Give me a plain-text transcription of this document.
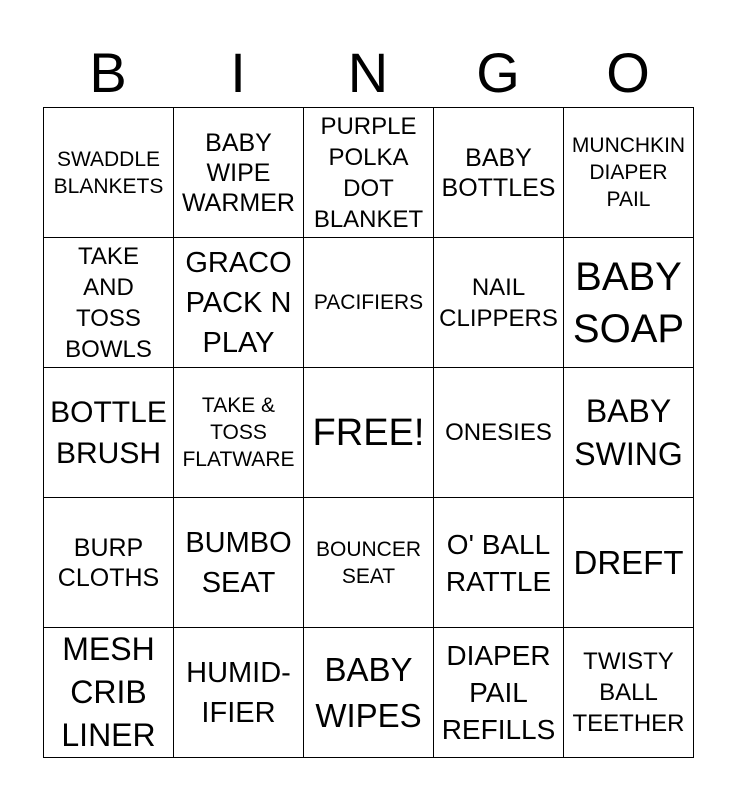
B	I	N	G	O
SWADDLE
BLANKETS
BABY
WIPE
WARMER
PURPLE
POLKA
DOT
BLANKET
BABY
BOTTLES
MUNCHKIN
DIAPER
PAIL
TAKE
AND
TOSS
BOWLS
GRACO
PACK N
PLAY
PACIFIERS
NAIL
CLIPPERS
BABY
SOAP
BOTTLE
BRUSH
TAKE &
TOSS
FLATWARE
FREE! ONESIES
BABY
SWING
BURP
CLOTHS
BUMBO
SEAT
BOUNCER
SEAT
O' BALL
RATTLE
DREFT
MESH
CRIB
LINER
HUMID-
IFIER
BABY
WIPES
DIAPER
PAIL
REFILLS
TWISTY
BALL
TEETHER
